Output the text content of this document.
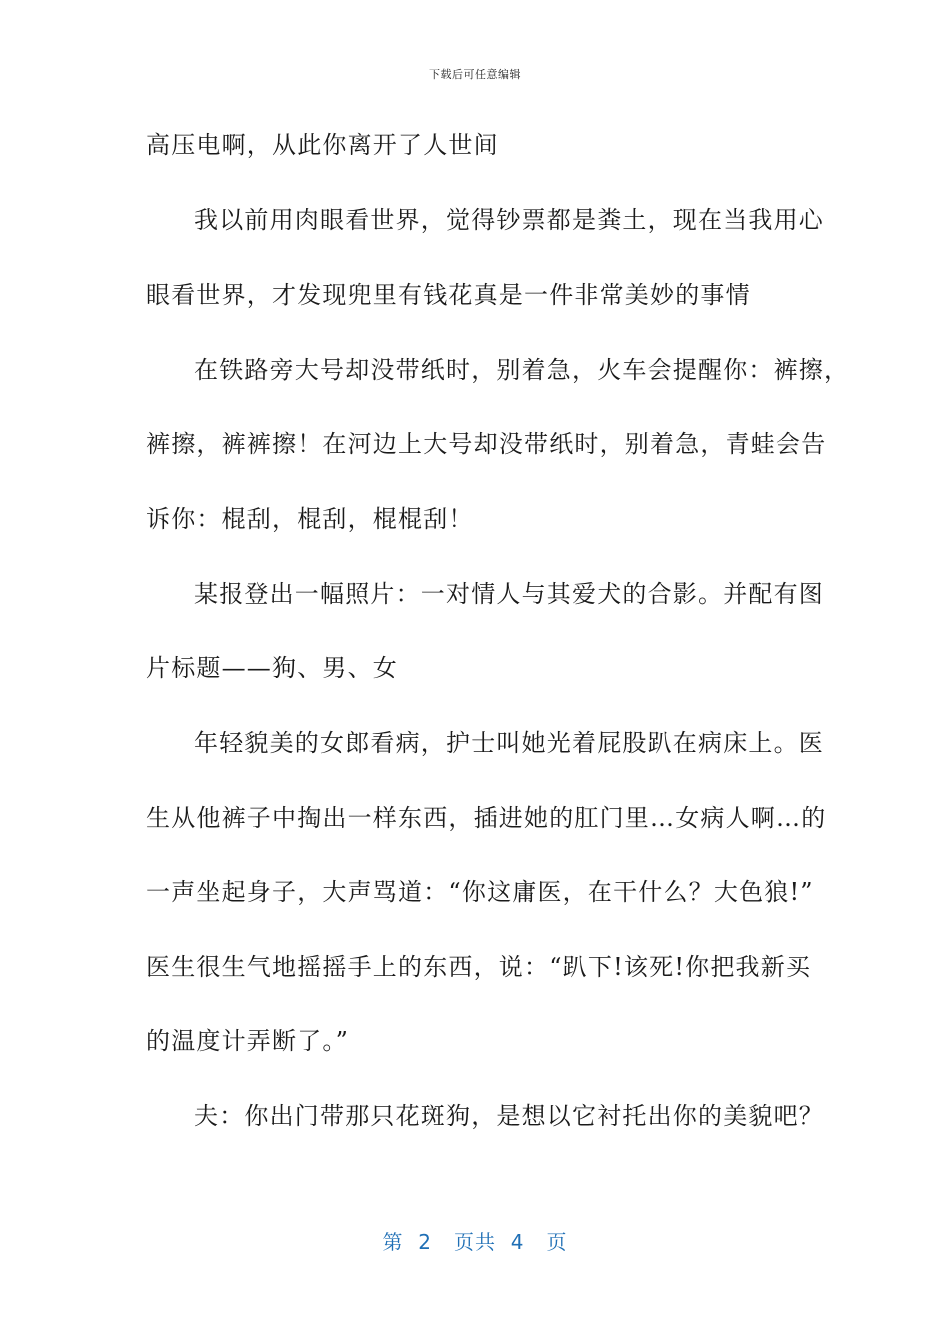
下载后可任意编辑
高压电啊，从此你离开了人世间
我以前用肉眼看世界，觉得钞票都是粪土，现在当我用心
眼看世界，才发现兜里有钱花真是一件非常美妙的事情
在铁路旁大号却没带纸时，别着急，火车会提醒你：裤擦，
裤擦，裤裤擦！在河边上大号却没带纸时，别着急，青蛙会告
诉你：棍刮，棍刮，棍棍刮！
某报登出一幅照片：一对情人与其爱犬的合影。并配有图
片标题——狗、男、女
年轻貌美的女郎看病，护士叫她光着屁股趴在病床上。医
生从他裤子中掏出一样东西，插进她的肛门里…女病人啊…的
一声坐起身子，大声骂道：“你这庸医，在干什么？大色狼!”
医生很生气地摇摇手上的东西，说：“趴下!该死!你把我新买
的温度计弄断了。”
夫：你出门带那只花斑狗，是想以它衬托出你的美貌吧？
第  2   页共  4   页
